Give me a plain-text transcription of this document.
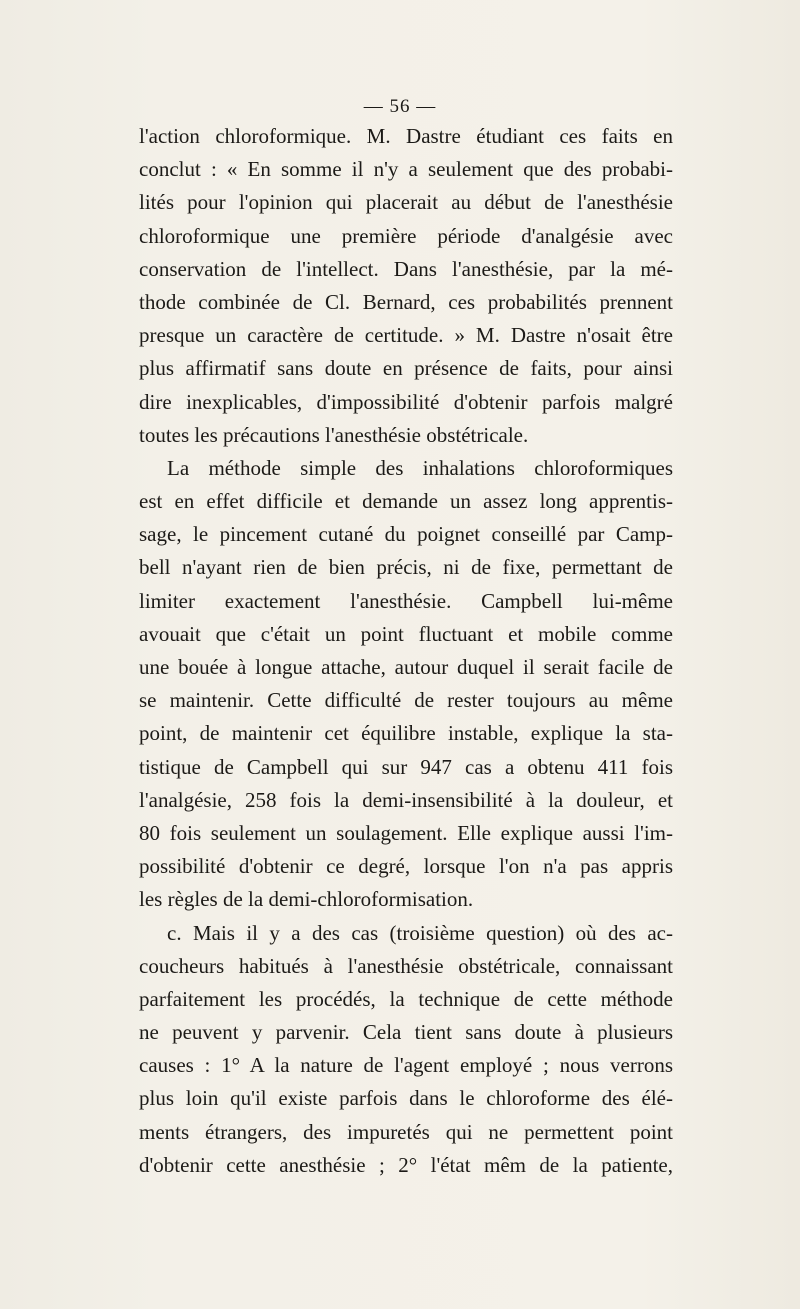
— 56 —
l'action chloroformique. M. Dastre étudiant ces faits en
conclut : « En somme il n'y a seulement que des probabi-
lités pour l'opinion qui placerait au début de l'anesthésie
chloroformique une première période d'analgésie avec
conservation de l'intellect. Dans l'anesthésie, par la mé-
thode combinée de Cl. Bernard, ces probabilités prennent
presque un caractère de certitude. » M. Dastre n'osait être
plus affirmatif sans doute en présence de faits, pour ainsi
dire inexplicables, d'impossibilité d'obtenir parfois malgré
toutes les précautions l'anesthésie obstétricale.
La méthode simple des inhalations chloroformiques
est en effet difficile et demande un assez long apprentis-
sage, le pincement cutané du poignet conseillé par Camp-
bell n'ayant rien de bien précis, ni de fixe, permettant de
limiter exactement l'anesthésie. Campbell lui-même
avouait que c'était un point fluctuant et mobile comme
une bouée à longue attache, autour duquel il serait facile de
se maintenir. Cette difficulté de rester toujours au même
point, de maintenir cet équilibre instable, explique la sta-
tistique de Campbell qui sur 947 cas a obtenu 411 fois
l'analgésie, 258 fois la demi-insensibilité à la douleur, et
80 fois seulement un soulagement. Elle explique aussi l'im-
possibilité d'obtenir ce degré, lorsque l'on n'a pas appris
les règles de la demi-chloroformisation.
c. Mais il y a des cas (troisième question) où des ac-
coucheurs habitués à l'anesthésie obstétricale, connaissant
parfaitement les procédés, la technique de cette méthode
ne peuvent y parvenir. Cela tient sans doute à plusieurs
causes : 1° A la nature de l'agent employé ; nous verrons
plus loin qu'il existe parfois dans le chloroforme des élé-
ments étrangers, des impuretés qui ne permettent point
d'obtenir cette anesthésie ; 2° l'état mêm de la patiente,
